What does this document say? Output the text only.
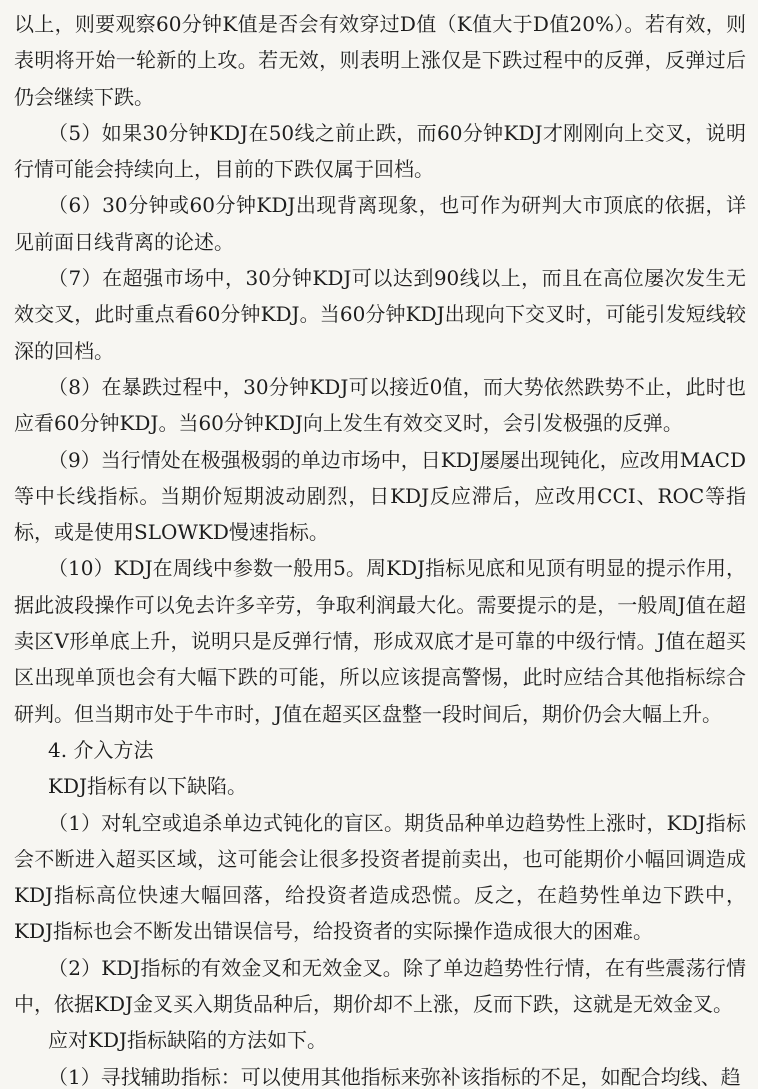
以上，则要观察60分钟K值是否会有效穿过D值（K值大于D值20%）。若有效，则表明将开始一轮新的上攻。若无效，则表明上涨仅是下跌过程中的反弹，反弹过后仍会继续下跌。

（5）如果30分钟KDJ在50线之前止跌，而60分钟KDJ才刚刚向上交叉，说明行情可能会持续向上，目前的下跌仅属于回档。

（6）30分钟或60分钟KDJ出现背离现象，也可作为研判大市顶底的依据，详见前面日线背离的论述。

（7）在超强市场中，30分钟KDJ可以达到90线以上，而且在高位屡次发生无效交叉，此时重点看60分钟KDJ。当60分钟KDJ出现向下交叉时，可能引发短线较深的回档。

（8）在暴跌过程中，30分钟KDJ可以接近0值，而大势依然跌势不止，此时也应看60分钟KDJ。当60分钟KDJ向上发生有效交叉时，会引发极强的反弹。

（9）当行情处在极强极弱的单边市场中，日KDJ屡屡出现钝化，应改用MACD等中长线指标。当期价短期波动剧烈，日KDJ反应滞后，应改用CCI、ROC等指标，或是使用SLOWKD慢速指标。

（10）KDJ在周线中参数一般用5。周KDJ指标见底和见顶有明显的提示作用，据此波段操作可以免去许多辛劳，争取利润最大化。需要提示的是，一般周J值在超卖区V形单底上升，说明只是反弹行情，形成双底才是可靠的中级行情。J值在超买区出现单顶也会有大幅下跌的可能，所以应该提高警惕，此时应结合其他指标综合研判。但当期市处于牛市时，J值在超买区盘整一段时间后，期价仍会大幅上升。

4. 介入方法

KDJ指标有以下缺陷。

（1）对轧空或追杀单边式钝化的盲区。期货品种单边趋势性上涨时，KDJ指标会不断进入超买区域，这可能会让很多投资者提前卖出，也可能期价小幅回调造成KDJ指标高位快速大幅回落，给投资者造成恐慌。反之，在趋势性单边下跌中，KDJ指标也会不断发出错误信号，给投资者的实际操作造成很大的困难。

（2）KDJ指标的有效金叉和无效金叉。除了单边趋势性行情，在有些震荡行情中，依据KDJ金叉买入期货品种后，期价却不上涨，反而下跌，这就是无效金叉。

应对KDJ指标缺陷的方法如下。

（1）寻找辅助指标：可以使用其他指标来弥补该指标的不足，如配合均线、趋
